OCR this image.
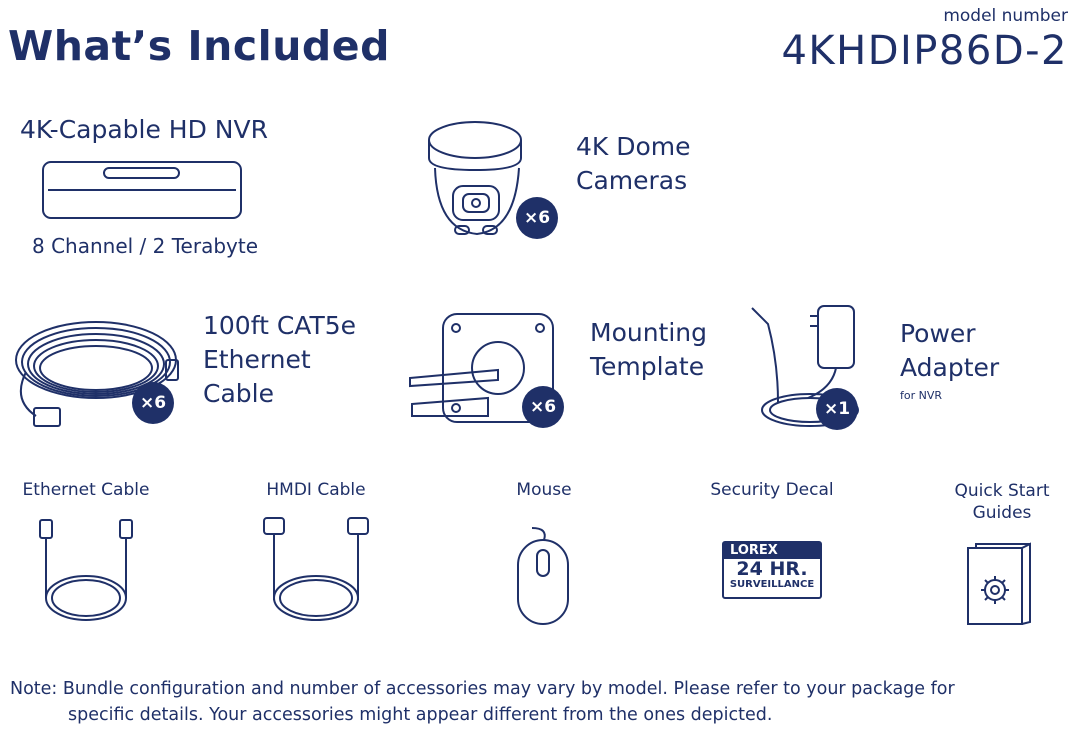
What’s Included
model number
4KHDIP86D-2
4K-Capable HD NVR
8 Channel / 2 Terabyte
×6
4K Dome
Cameras
×6
100ft CAT5e
Ethernet
Cable	×6
Mounting
Template
×1
Power
Adapter
for NVR
Ethernet Cable	HMDI Cable	Mouse	Security Decal
LOREX
24 HR.
SURVEILLANCE
Quick Start
Guides
Note: Bundle configuration and number of accessories may vary by model. Please refer to your package for
specific details. Your accessories might appear different from the ones depicted.
